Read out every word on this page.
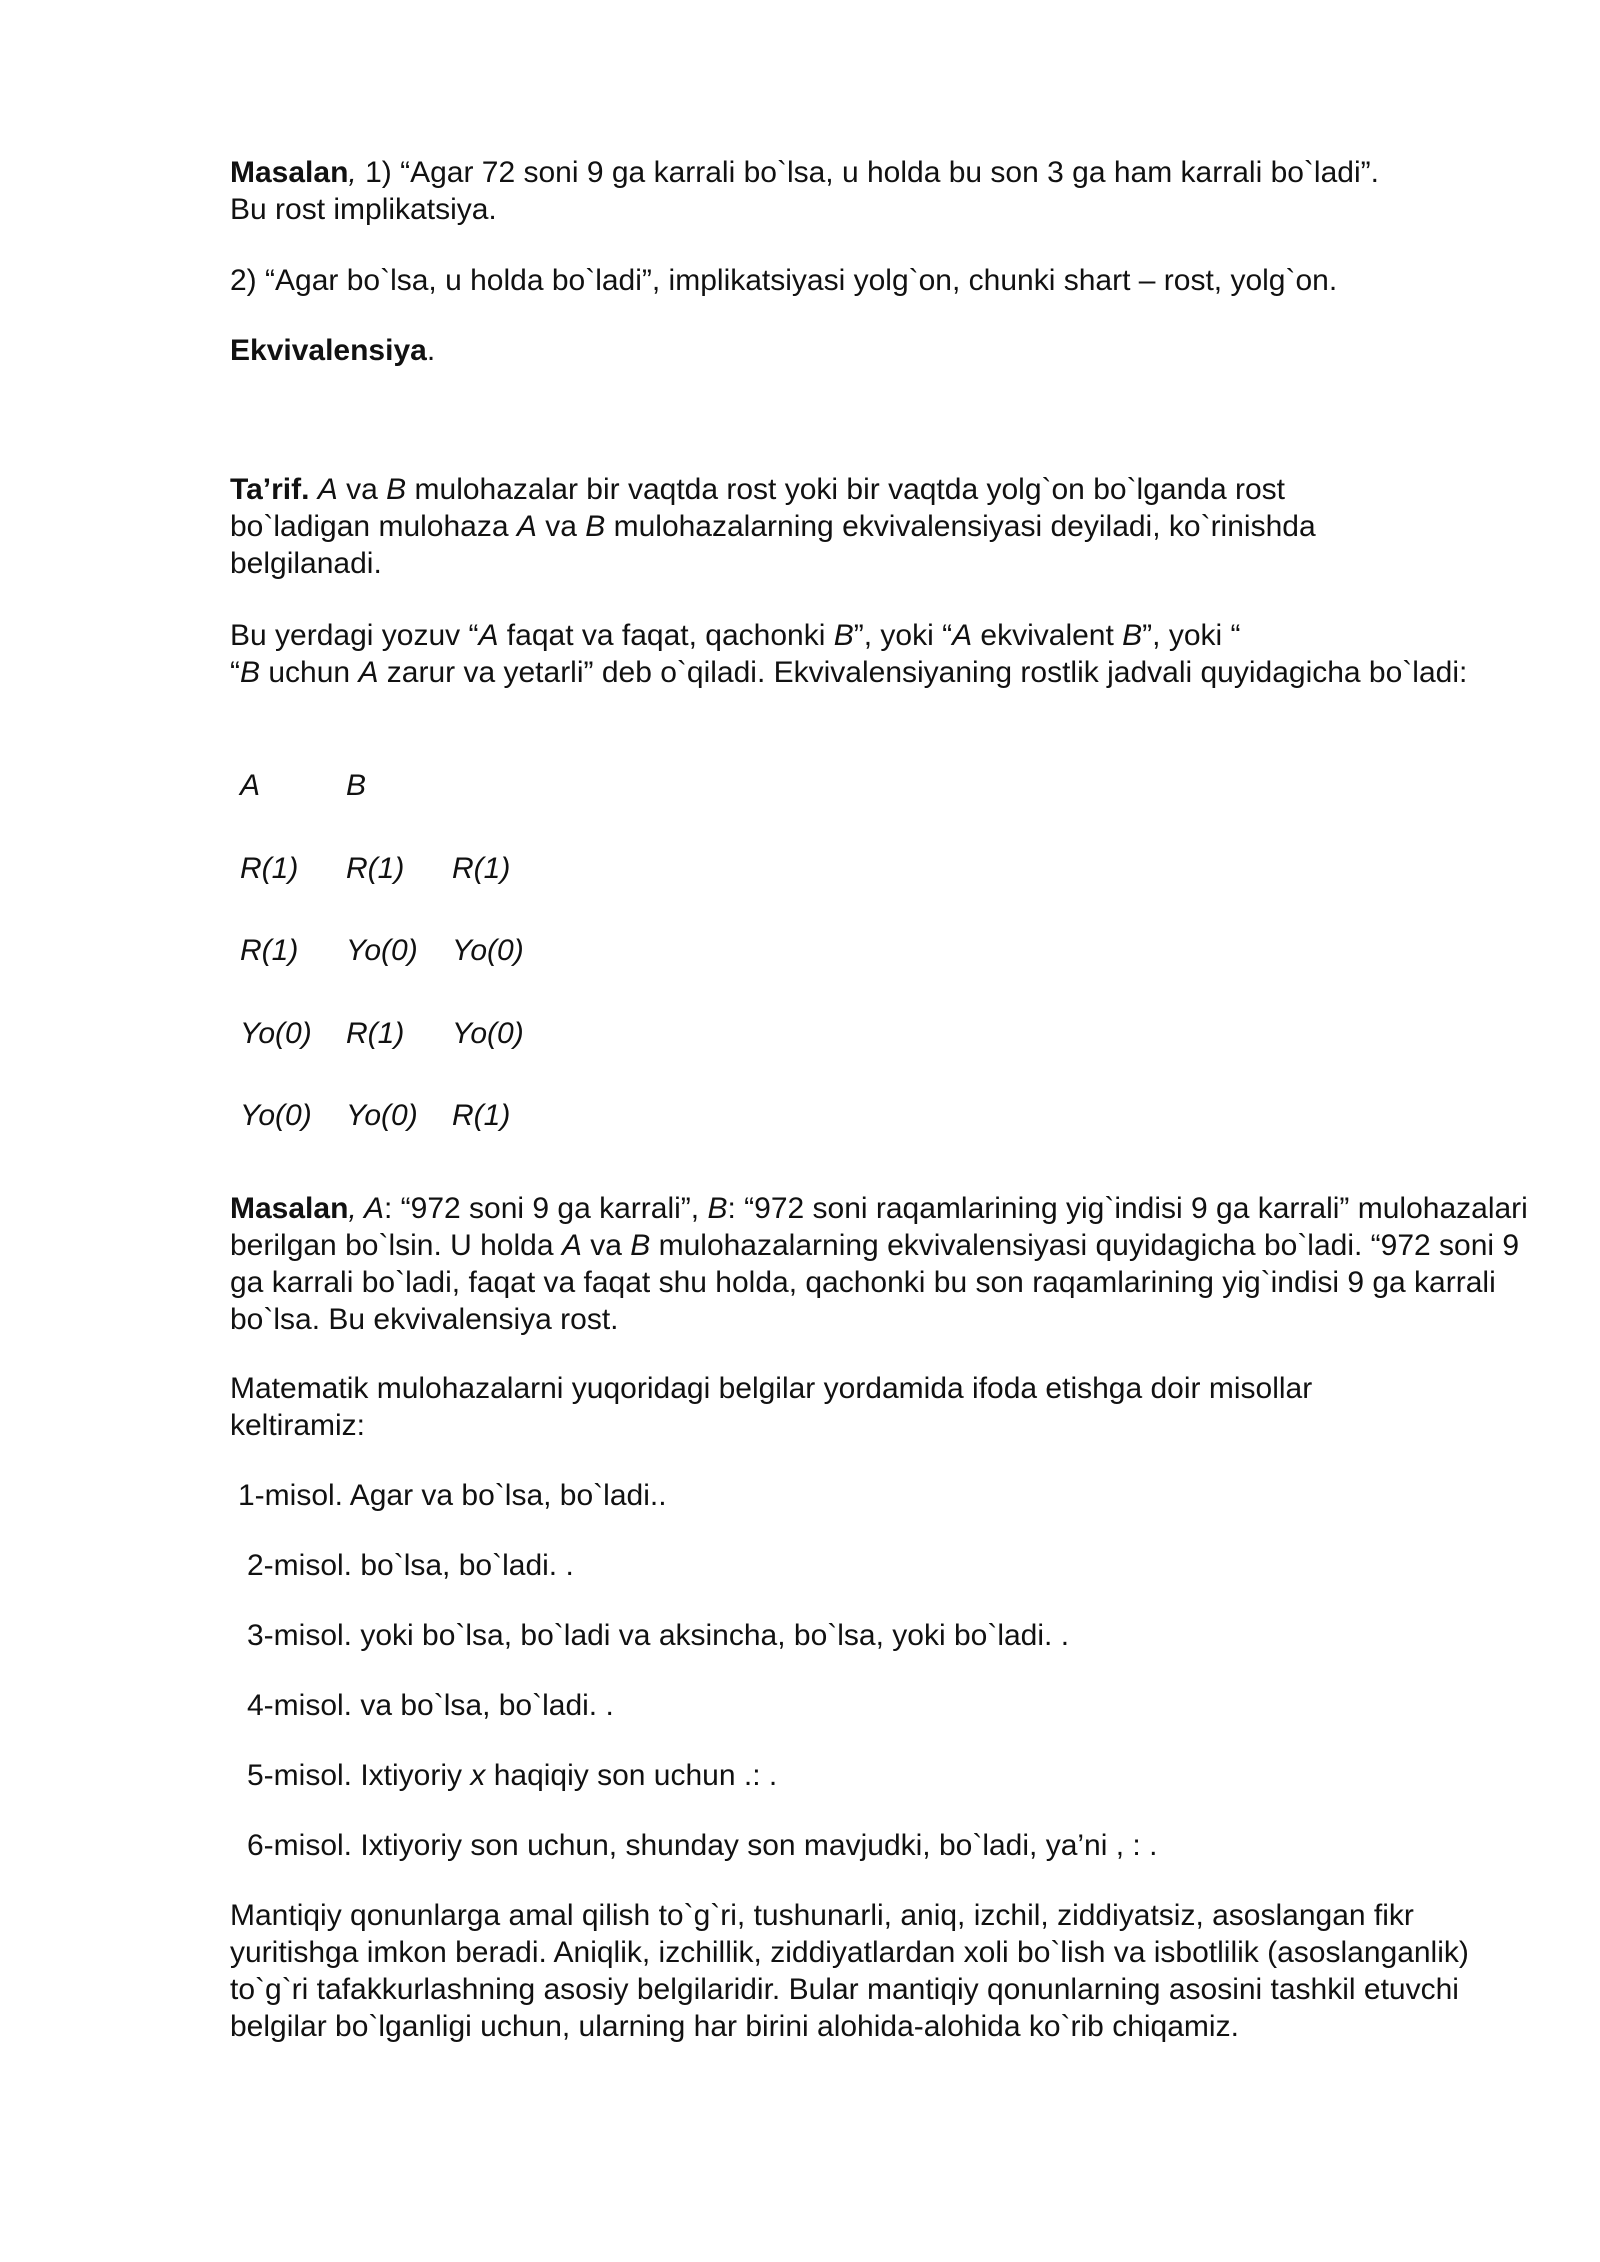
Masalan, 1) “Agar 72 soni 9 ga karrali bo`lsa, u holda bu son 3 ga ham karrali bo`ladi”.
Bu rost implikatsiya.

2) “Agar bo`lsa, u holda bo`ladi”, implikatsiyasi yolg`on, chunki shart – rost, yolg`on.

Ekvivalensiya.

Ta’rif. A va B mulohazalar bir vaqtda rost yoki bir vaqtda yolg`on bo`lganda rost bo`ladigan mulohaza A va B mulohazalarning ekvivalensiyasi deyiladi, ko`rinishda belgilanadi.

Bu yerdagi yozuv “A faqat va faqat, qachonki B”, yoki “A ekvivalent B”, yoki “
“B uchun A zarur va yetarli” deb o`qiladi. Ekvivalensiyaning rostlik jadvali quyidagicha bo`ladi:

A	B
R(1) R(1) R(1)
R(1) Yo(0) Yo(0)
Yo(0) R(1) Yo(0)
Yo(0) Yo(0) R(1)

Masalan, A: “972 soni 9 ga karrali”, B: “972 soni raqamlarining yig`indisi 9 ga karrali” mulohazalari berilgan bo`lsin. U holda A va B mulohazalarning ekvivalensiyasi quyidagicha bo`ladi. “972 soni 9 ga karrali bo`ladi, faqat va faqat shu holda, qachonki bu son raqamlarining yig`indisi 9 ga karrali bo`lsa. Bu ekvivalensiya rost.

Matematik mulohazalarni yuqoridagi belgilar yordamida ifoda etishga doir misollar keltiramiz:

1-misol. Agar va bo`lsa, bo`ladi..

2-misol. bo`lsa, bo`ladi. .

3-misol. yoki bo`lsa, bo`ladi va aksincha, bo`lsa, yoki bo`ladi. .

4-misol. va bo`lsa, bo`ladi. .

5-misol. Ixtiyoriy x haqiqiy son uchun .: .

6-misol. Ixtiyoriy son uchun, shunday son mavjudki, bo`ladi, ya’ni , : .

Mantiqiy qonunlarga amal qilish to`g`ri, tushunarli, aniq, izchil, ziddiyatsiz, asoslangan fikr yuritishga imkon beradi. Aniqlik, izchillik, ziddiyatlardan xoli bo`lish va isbotlilik (asoslanganlik) to`g`ri tafakkurlashning asosiy belgilaridir. Bular mantiqiy qonunlarning asosini tashkil etuvchi belgilar bo`lganligi uchun, ularning har birini alohida-alohida ko`rib chiqamiz.
